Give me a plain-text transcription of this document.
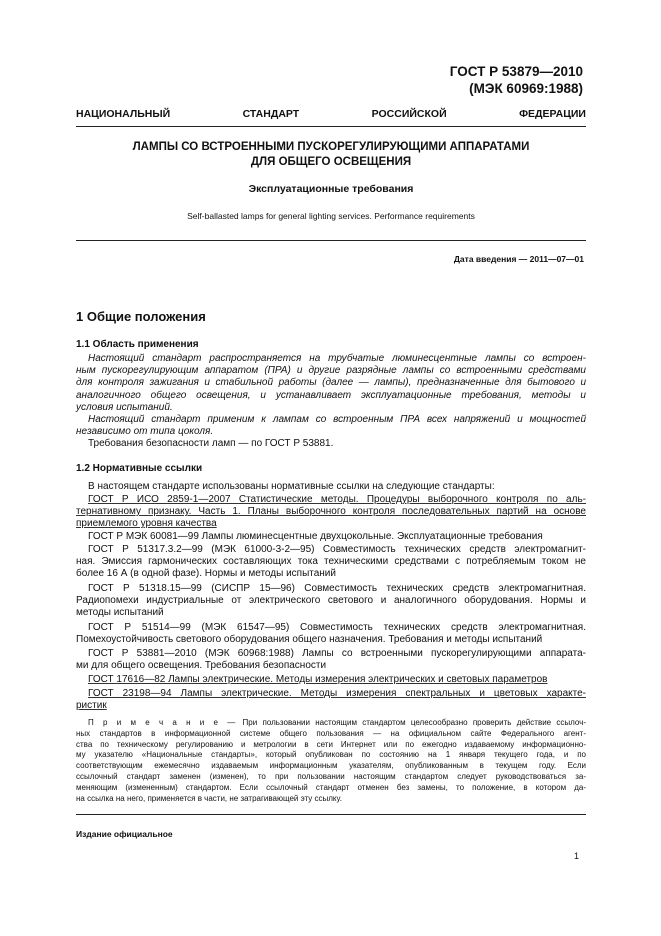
ГОСТ Р 53879—2010
(МЭК 60969:1988)
НАЦИОНАЛЬНЫЙ	СТАНДАРТ	РОССИЙСКОЙ	ФЕДЕРАЦИИ
ЛАМПЫ СО ВСТРОЕННЫМИ ПУСКОРЕГУЛИРУЮЩИМИ АППАРАТАМИ
ДЛЯ ОБЩЕГО ОСВЕЩЕНИЯ
Эксплуатационные требования
Self-ballasted lamps for general lighting services. Performance requirements
Дата введения — 2011—07—01
1 Общие положения
1.1 Область применения
Настоящий стандарт распространяется на трубчатые люминесцентные лампы со встроен-
ным пускорегулирующим аппаратом (ПРА) и другие разрядные лампы со встроенными средствами
для контроля зажигания и стабильной работы (далее — лампы), предназначенные для бытового и
аналогичного общего освещения, и устанавливает эксплуатационные требования, методы и
условия испытаний.
Настоящий стандарт применим к лампам со встроенным ПРА всех напряжений и мощностей
независимо от типа цоколя.
Требования безопасности ламп — по ГОСТ Р 53881.
1.2 Нормативные ссылки
В настоящем стандарте использованы нормативные ссылки на следующие стандарты:
ГОСТ Р ИСО 2859-1—2007 Статистические методы. Процедуры выборочного контроля по аль-
тернативному признаку. Часть 1. Планы выборочного контроля последовательных партий на основе
приемлемого уровня качества
ГОСТ Р МЭК 60081—99 Лампы люминесцентные двухцокольные. Эксплуатационные требования
ГОСТ Р 51317.3.2—99 (МЭК 61000-3-2—95) Совместимость технических средств электромагнит-
ная. Эмиссия гармонических составляющих тока техническими средствами с потребляемым током не
более 16 А (в одной фазе). Нормы и методы испытаний
ГОСТ Р 51318.15—99 (СИСПР 15—96) Совместимость технических средств электромагнитная.
Радиопомехи индустриальные от электрического светового и аналогичного оборудования. Нормы и
методы испытаний
ГОСТ Р 51514—99 (МЭК 61547—95) Совместимость технических средств электромагнитная.
Помехоустойчивость светового оборудования общего назначения. Требования и методы испытаний
ГОСТ Р 53881—2010 (МЭК 60968:1988) Лампы со встроенными пускорегулирующими аппарата-
ми для общего освещения. Требования безопасности
ГОСТ 17616—82 Лампы электрические. Методы измерения электрических и световых параметров
ГОСТ 23198—94 Лампы электрические. Методы измерения спектральных и цветовых характе-
ристик
П р и м е ч а н и е — При пользовании настоящим стандартом целесообразно проверить действие ссылоч-
ных стандартов в информационной системе общего пользования — на официальном сайте Федерального агент-
ства по техническому регулированию и метрологии в сети Интернет или по ежегодно издаваемому информационно-
му указателю «Национальные стандарты», который опубликован по состоянию на 1 января текущего года, и по
соответствующим ежемесячно издаваемым информационным указателям, опубликованным в текущем году. Если
ссылочный стандарт заменен (изменен), то при пользовании настоящим стандартом следует руководствоваться за-
меняющим (измененным) стандартом. Если ссылочный стандарт отменен без замены, то положение, в котором да-
на ссылка на него, применяется в части, не затрагивающей эту ссылку.
Издание официальное
1
